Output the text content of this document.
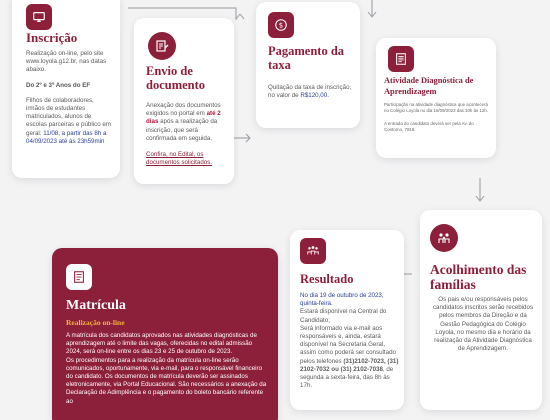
Inscrição

Realização on-line, pelo site www.loyola.g12.br, nas datas abaixo.

Do 2º e 3º Anos do EF

Filhos de colaboradores, irmãos de estudantes matriculados, alunos de escolas parceiras e público em geral: 11/08, a partir das 8h a 04/09/2023 até às 23h59min

Envio de documento

Anexação dos documentos exigidos no portal em até 2 dias após a realização da inscrição, que será confirmada em seguida.

Confira, no Edital, os documentos solicitados.

$
Pagamento da taxa

Quitação da taxa de inscrição, no valor de R$120,00.

Atividade Diagnóstica de Aprendizagem

Participação na atividade diagnóstica que acontecerá no Colégio Loyola no dia 16/09/2023 das 10h às 12h.

A entrada do candidato deverá ser pela Av. do Contorno, 7919.

Acolhimento das famílias

Os pais e/ou responsáveis pelos candidatos inscritos serão recebidos pelos membros da Direção e da Gestão Pedagógica do Colégio Loyola, no mesmo dia e horário da realização da Atividade Diagnóstica de Aprendizagem.

Resultado

No dia 19 de outubro de 2023, quinta-feira.

Estará disponível na Central do Candidato;

Será informado via e-mail aos responsáveis e, ainda, estará disponível na Secretaria Geral, assim como poderá ser consultado pelos telefones (31)2102-7023, (31) 2102-7032 ou (31) 2102-7038, de segunda a sexta-feira, das 8h às 17h.

Matrícula
Realização on-line

A matrícula dos candidatos aprovados nas atividades diagnósticas de aprendizagem até o limite das vagas, oferecidas no edital admissão 2024, será on-line entre os dias 23 e 25 de outubro de 2023.

Os procedimentos para a realização da matrícula on-line serão comunicados, oportunamente, via e-mail, para o responsável financeiro do candidato. Os documentos de matrícula deverão ser assinados eletronicamente, via Portal Educacional. São necessários a anexação da Declaração de Adimplência e o pagamento do boleto bancário referente ao
